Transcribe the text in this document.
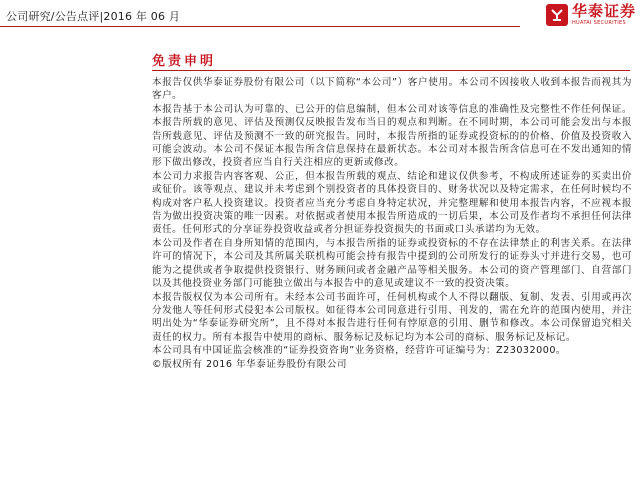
公司研究/公告点评|2016 年 06 月	华泰证券
HUATAI SECURITIES
免责申明

本报告仅供华泰证券股份有限公司（以下简称“本公司”）客户使用。本公司不因接收人收到本报告而视其为客户。

本报告基于本公司认为可靠的、已公开的信息编制，但本公司对该等信息的准确性及完整性不作任何保证。本报告所载的意见、评估及预测仅反映报告发布当日的观点和判断。在不同时期，本公司可能会发出与本报告所载意见、评估及预测不一致的研究报告。同时，本报告所指的证券或投资标的的价格、价值及投资收入可能会波动。本公司不保证本报告所含信息保持在最新状态。本公司对本报告所含信息可在不发出通知的情形下做出修改，投资者应当自行关注相应的更新或修改。

本公司力求报告内容客观、公正，但本报告所载的观点、结论和建议仅供参考，不构成所述证券的买卖出价或征价。该等观点、建议并未考虑到个别投资者的具体投资目的、财务状况以及特定需求，在任何时候均不构成对客户私人投资建议。投资者应当充分考虑自身特定状况，并完整理解和使用本报告内容，不应视本报告为做出投资决策的唯一因素。对依据或者使用本报告所造成的一切后果，本公司及作者均不承担任何法律责任。任何形式的分享证券投资收益或者分担证券投资损失的书面或口头承诺均为无效。

本公司及作者在自身所知情的范围内，与本报告所指的证券或投资标的不存在法律禁止的利害关系。在法律许可的情况下，本公司及其所属关联机构可能会持有报告中提到的公司所发行的证券头寸并进行交易，也可能为之提供或者争取提供投资银行、财务顾问或者金融产品等相关服务。本公司的资产管理部门、自营部门以及其他投资业务部门可能独立做出与本报告中的意见或建议不一致的投资决策。

本报告版权仅为本公司所有。未经本公司书面许可，任何机构或个人不得以翻版、复制、发表、引用或再次分发他人等任何形式侵犯本公司版权。如征得本公司同意进行引用、刊发的，需在允许的范围内使用，并注明出处为“华泰证券研究所”，且不得对本报告进行任何有悖原意的引用、删节和修改。本公司保留追究相关责任的权力。所有本报告中使用的商标、服务标记及标记均为本公司的商标、服务标记及标记。

本公司具有中国证监会核准的“证券投资咨询”业务资格，经营许可证编号为：Z23032000。

©版权所有 2016 年华泰证券股份有限公司
